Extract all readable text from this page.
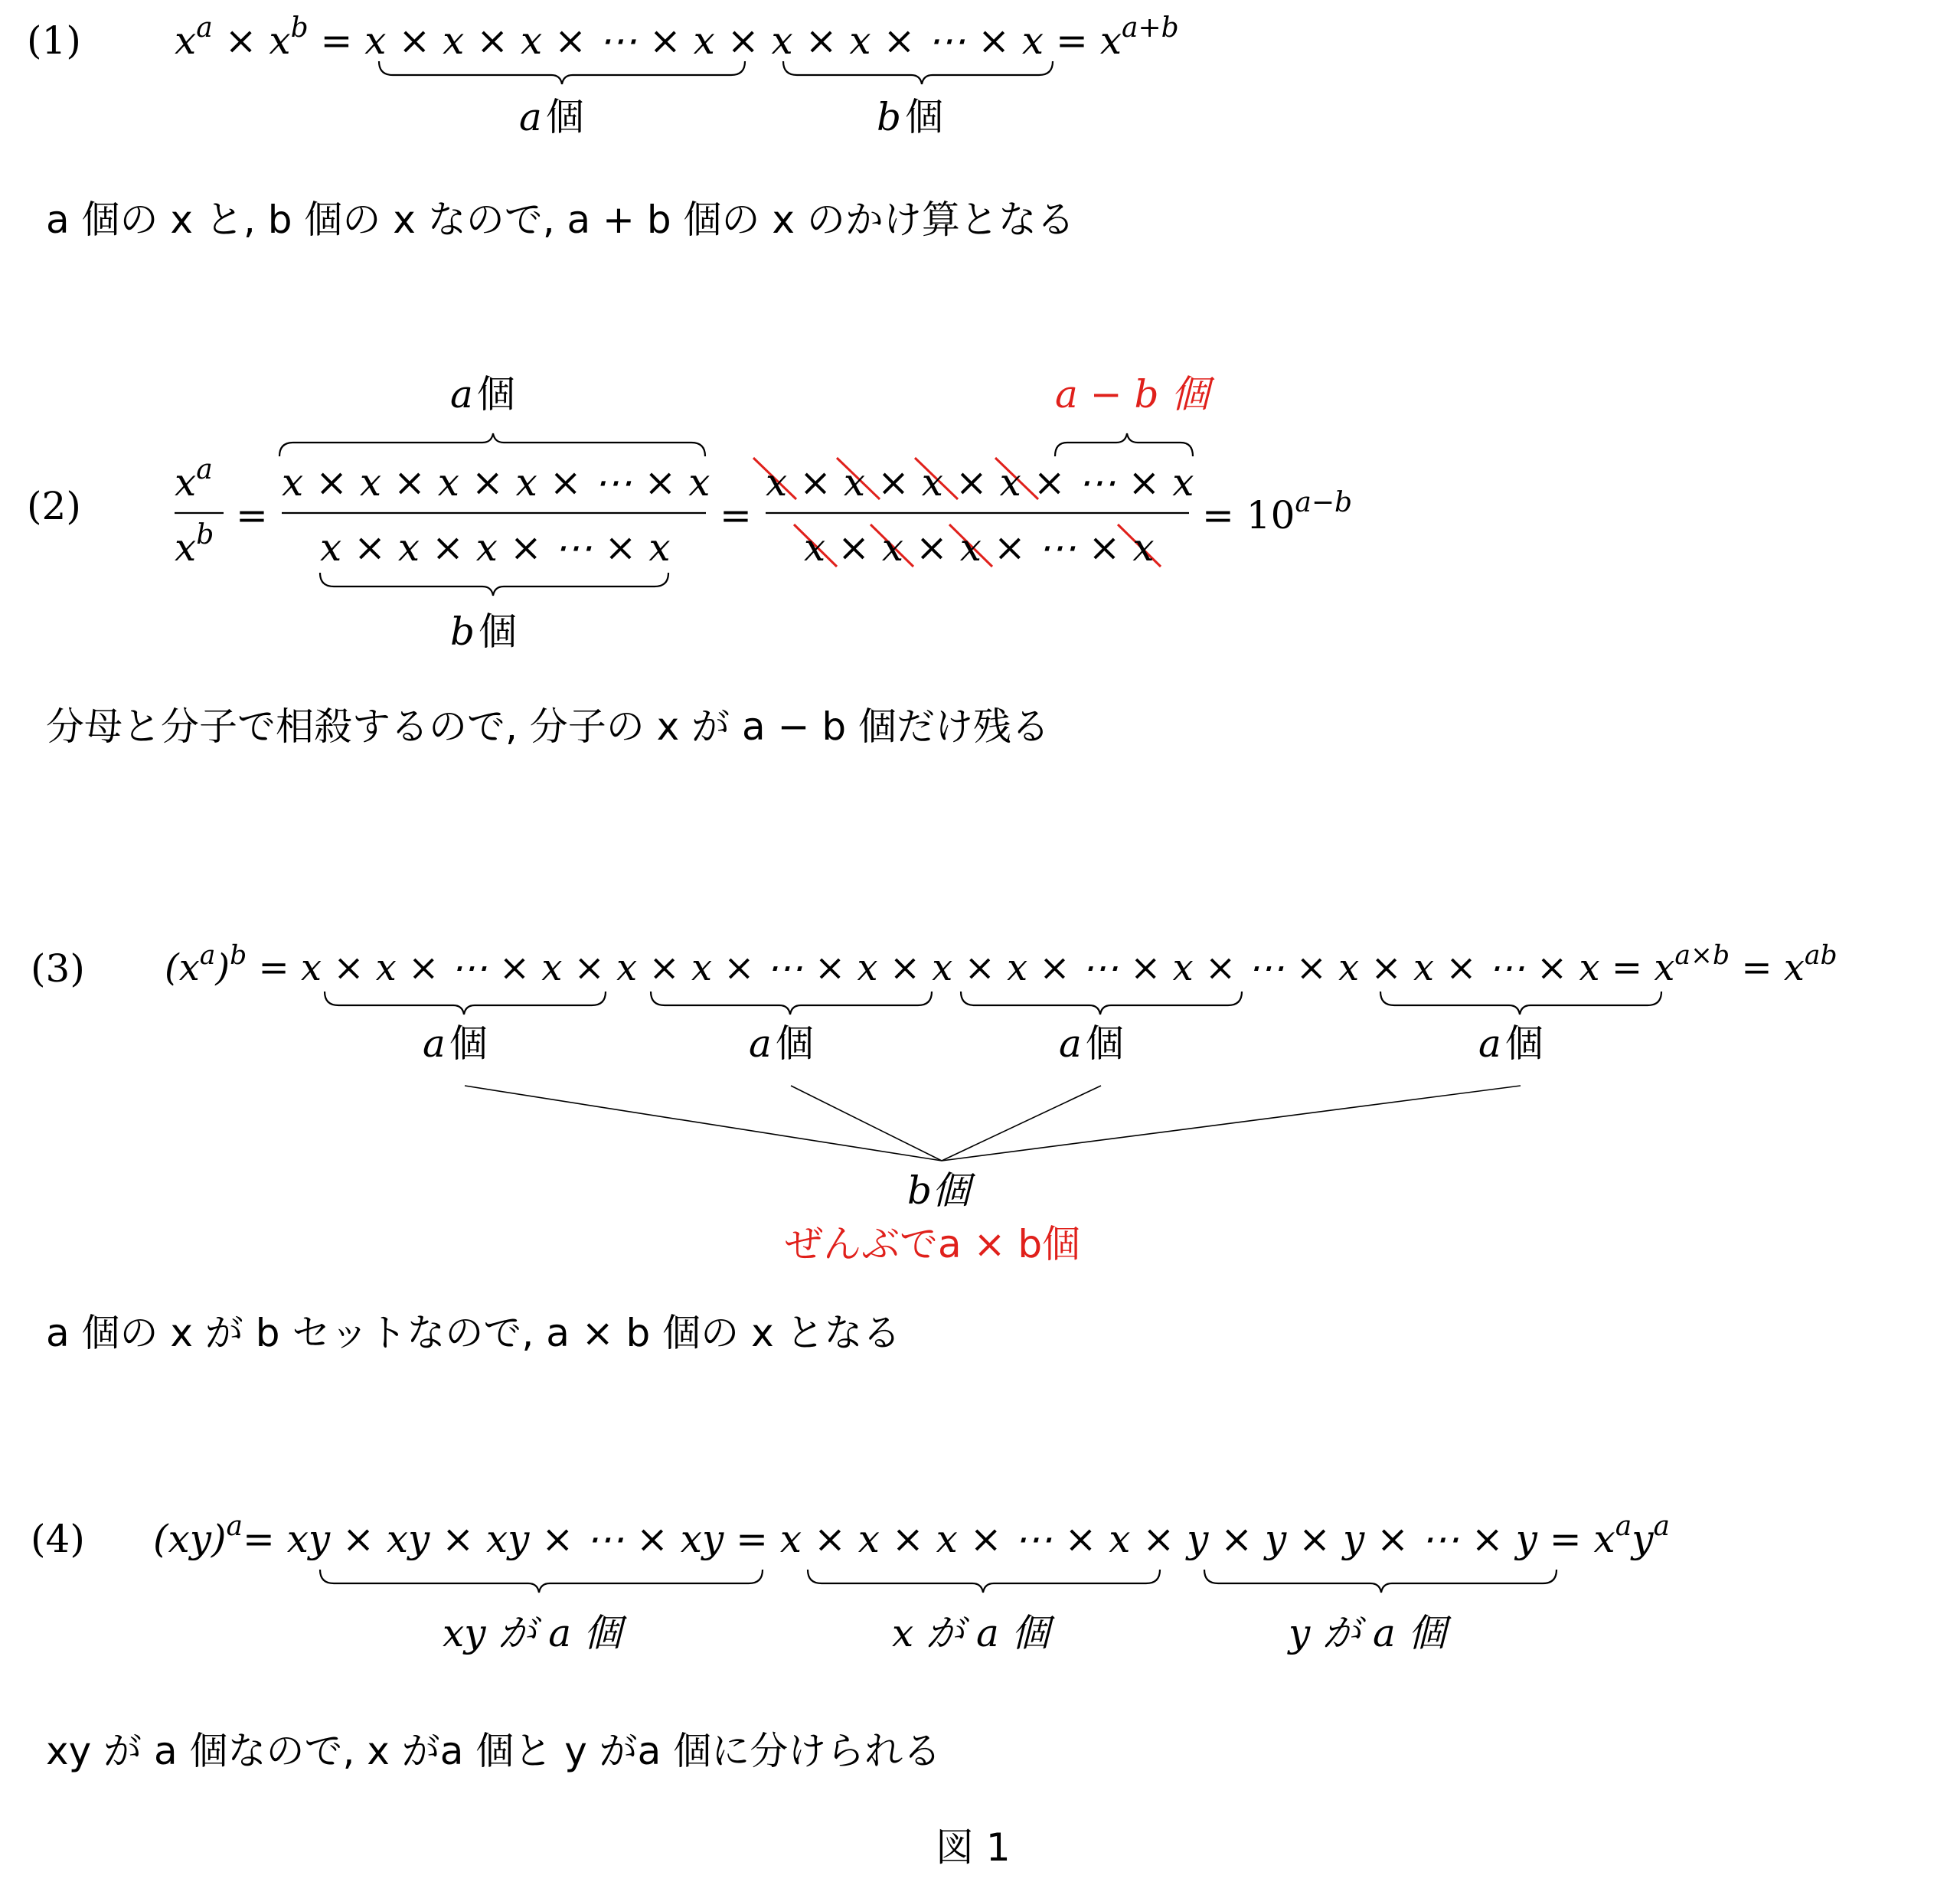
(1) $x^a \times x^b = x \times x \times x$ × ⋯ × x × x × x × ⋯ × $x = x^{a+b}$
a 個	b 個
a 個の x と, b 個の x なので, a + b 個の x のかけ算となる
(2)
a 個	a − b 個
$x^a$
$x^b$ =
x × x × x × x × ⋯ × x
x × x × x × ⋯ × x
=
x × x × x × x × ⋯ × x
x × x × x × ⋯ × x
= $10^{a-b}$
b 個
分母と分子で相殺するので, 分子の x が a − b 個だけ残る
(3) $(x^a)^b = x \times x$ × ⋯ × x × x × x × ⋯ × x × x × x × ⋯ × x × ⋯ × x × x × ⋯ × $x = x^{a\times b} = x^{ab}$
a 個	a 個	a 個	a 個
b個
ぜんぶでa × b個
a 個の x が b セットなので, a × b 個の x となる
(4) (xy)$^a$= xy × xy × xy × ⋯ × xy = x × x × x × ⋯ × x × y × y × y × ⋯ × $y = x^ay^a$
xy が a 個	x が a 個	y が a 個
xy が a 個なので, x がa 個と y がa 個に分けられる
図 1
